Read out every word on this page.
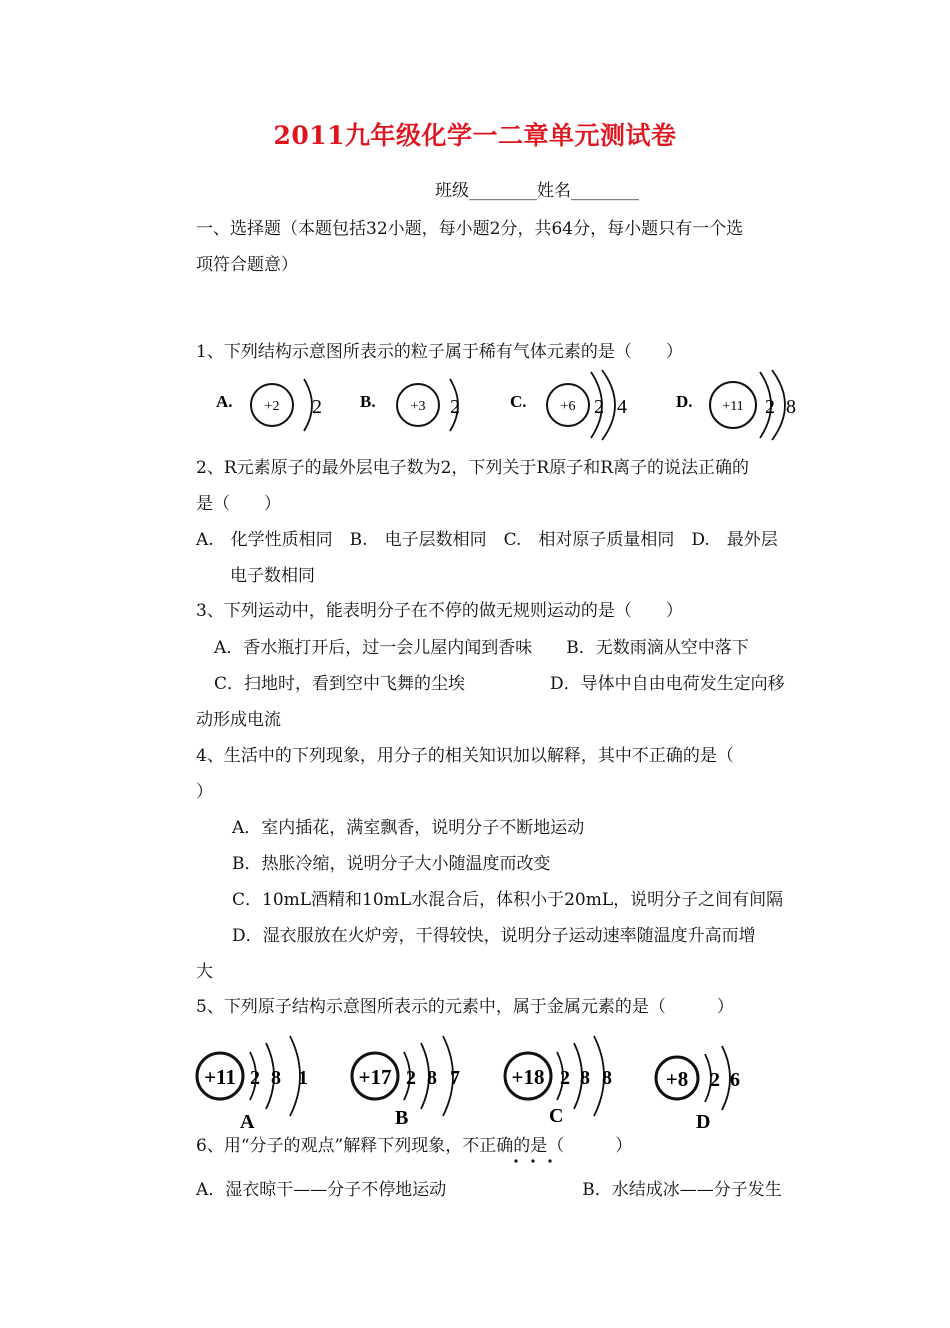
2011九年级化学一二章单元测试卷
班级________姓名________
一、选择题（本题包括32小题，每小题2分，共64分，每小题只有一个选
项符合题意）
1、下列结构示意图所表示的粒子属于稀有气体元素的是（　　）
A. +2 2 B. +3 2	C. +6 2 4	D. +11 2 8
2、R元素原子的最外层电子数为2，下列关于R原子和R离子的说法正确的
是（　　）
A.　化学性质相同　B.　电子层数相同　C.　相对原子质量相同　D.　最外层
电子数相同
3、下列运动中，能表明分子在不停的做无规则运动的是（　　）
A．香水瓶打开后，过一会儿屋内闻到香味　　B．无数雨滴从空中落下
C．扫地时，看到空中飞舞的尘埃　　　　　D．导体中自由电荷发生定向移
动形成电流
4、生活中的下列现象，用分子的相关知识加以解释，其中不正确的是（
）
A．室内插花，满室飘香，说明分子不断地运动
B．热胀冷缩，说明分子大小随温度而改变
C．10mL酒精和10mL水混合后，体积小于20mL，说明分子之间有间隔
D．湿衣服放在火炉旁，干得较快，说明分子运动速率随温度升高而增
大
5、下列原子结构示意图所表示的元素中，属于金属元素的是（　　　）
+11 2 8 1
A
+17 2 8 7
B
+18 2 8 8
C
+8 2 6
D
6、用“分子的观点”解释下列现象，不正确的是（　　　）
A．湿衣晾干——分子不停地运动　　　　　　　　B．水结成冰——分子发生
